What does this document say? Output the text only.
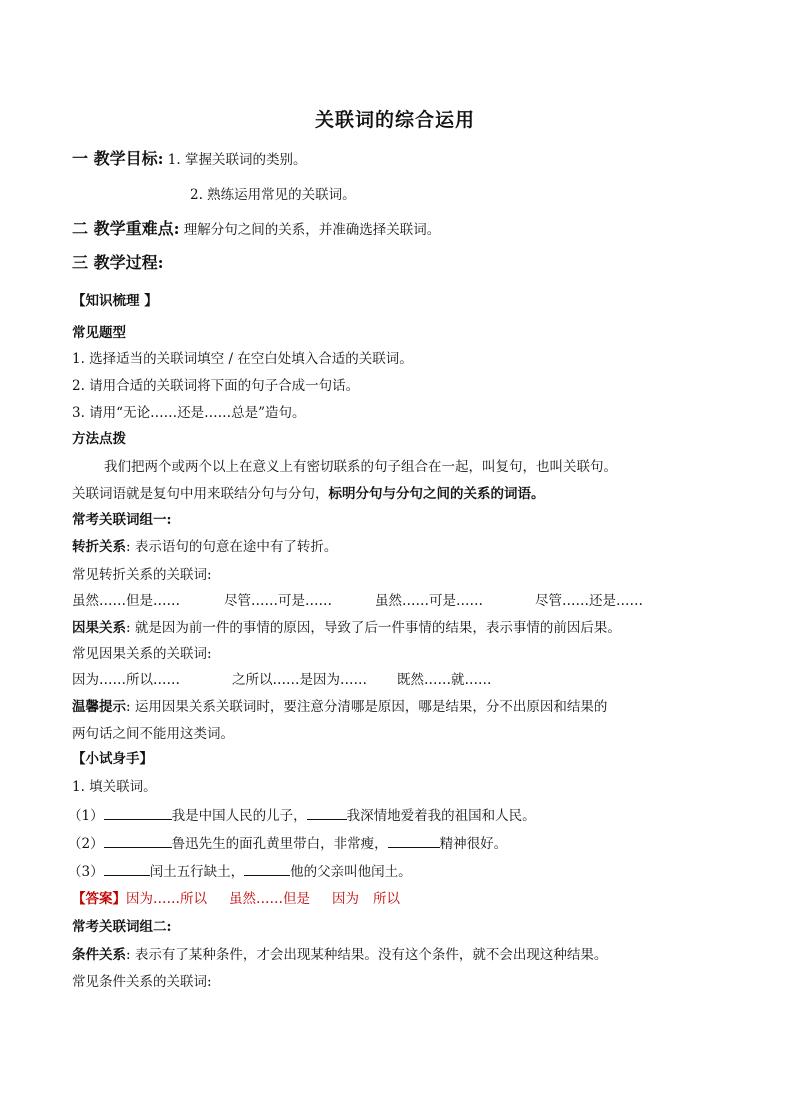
关联词的综合运用
一 教学目标: 1. 掌握关联词的类别。
2. 熟练运用常见的关联词。
二 教学重难点: 理解分句之间的关系，并准确选择关联词。
三 教学过程:
【知识梳理 】
常见题型
1. 选择适当的关联词填空 / 在空白处填入合适的关联词。
2. 请用合适的关联词将下面的句子合成一句话。
3. 请用“无论……还是……总是”造句。
方法点拨
我们把两个或两个以上在意义上有密切联系的句子组合在一起，叫复句，也叫关联句。
关联词语就是复句中用来联结分句与分句，标明分句与分句之间的关系的词语。
常考关联词组一:
转折关系: 表示语句的句意在途中有了转折。
常见转折关系的关联词:
虽然……但是……	尽管……可是……	虽然……可是……	尽管……还是……
因果关系: 就是因为前一件的事情的原因，导致了后一件事情的结果，表示事情的前因后果。
常见因果关系的关联词:
因为……所以……	之所以……是因为…… 既然……就……
温馨提示: 运用因果关系关联词时，要注意分清哪是原因，哪是结果，分不出原因和结果的
两句话之间不能用这类词。
【小试身手】
1. 填关联词。
（1）	我是中国人民的儿子，	我深情地爱着我的祖国和人民。
（2）	鲁迅先生的面孔黄里带白，非常瘦，	精神很好。
（3）	闰土五行缺土，	他的父亲叫他闰土。
【答案】因为……所以 虽然……但是 因为 所以
常考关联词组二:
条件关系: 表示有了某种条件，才会出现某种结果。没有这个条件，就不会出现这种结果。
常见条件关系的关联词:
